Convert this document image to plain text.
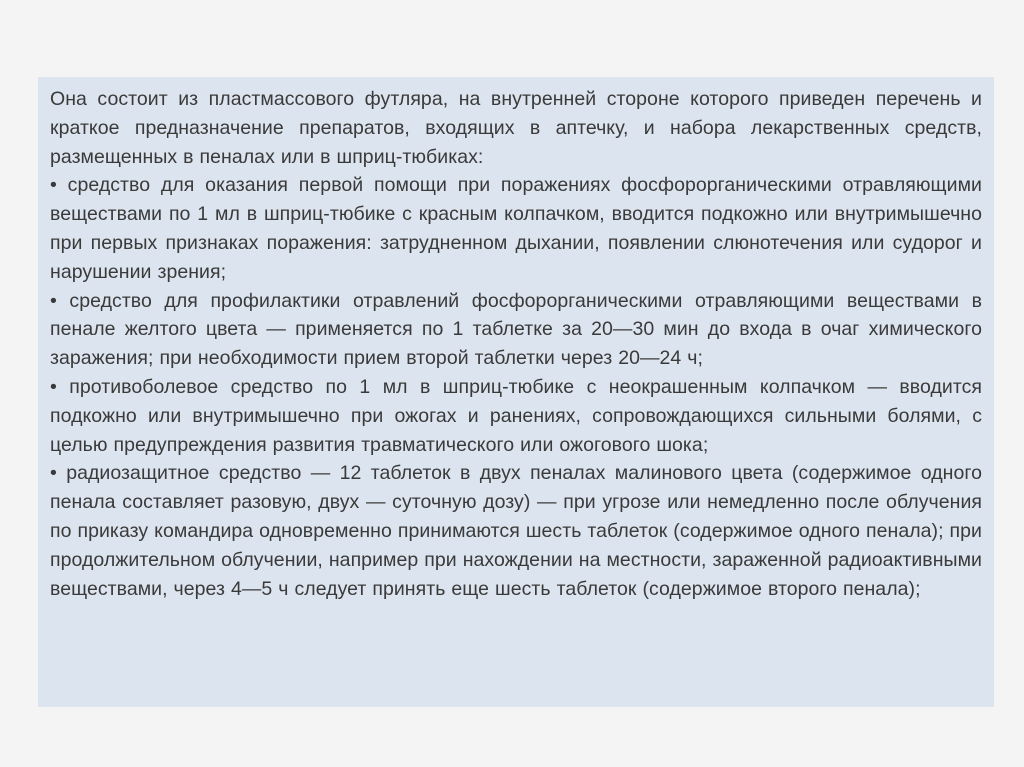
Она состоит из пластмассового футляра, на внутренней стороне которого приведен перечень и краткое предназначение препаратов, входящих в аптечку, и набора лекарственных средств, размещенных в пеналах или в шприц-тюбиках:

• средство для оказания первой помощи при поражениях фосфорорганическими отравляющими веществами по 1 мл в шприц-тюбике с красным колпачком, вводится подкожно или внутримышечно при первых признаках поражения: затрудненном дыхании, появлении слюнотечения или судорог и нарушении зрения;

• средство для профилактики отравлений фосфорорганическими отравляющими веществами в пенале желтого цвета — применяется по 1 таблетке за 20—30 мин до входа в очаг химического заражения; при необходимости прием второй таблетки через 20—24 ч;

• противоболевое средство по 1 мл в шприц-тюбике с неокрашенным колпачком — вводится подкожно или внутримышечно при ожогах и ранениях, сопровождающихся сильными болями, с целью предупреждения развития травматического или ожогового шока;

• радиозащитное средство — 12 таблеток в двух пеналах малинового цвета (содержимое одного пенала составляет разовую, двух — суточную дозу) — при угрозе или немедленно после облучения по приказу командира одновременно принимаются шесть таблеток (содержимое одного пенала); при продолжительном облучении, например при нахождении на местности, зараженной радиоактивными веществами, через 4—5 ч следует принять еще шесть таблеток (содержимое второго пенала);
